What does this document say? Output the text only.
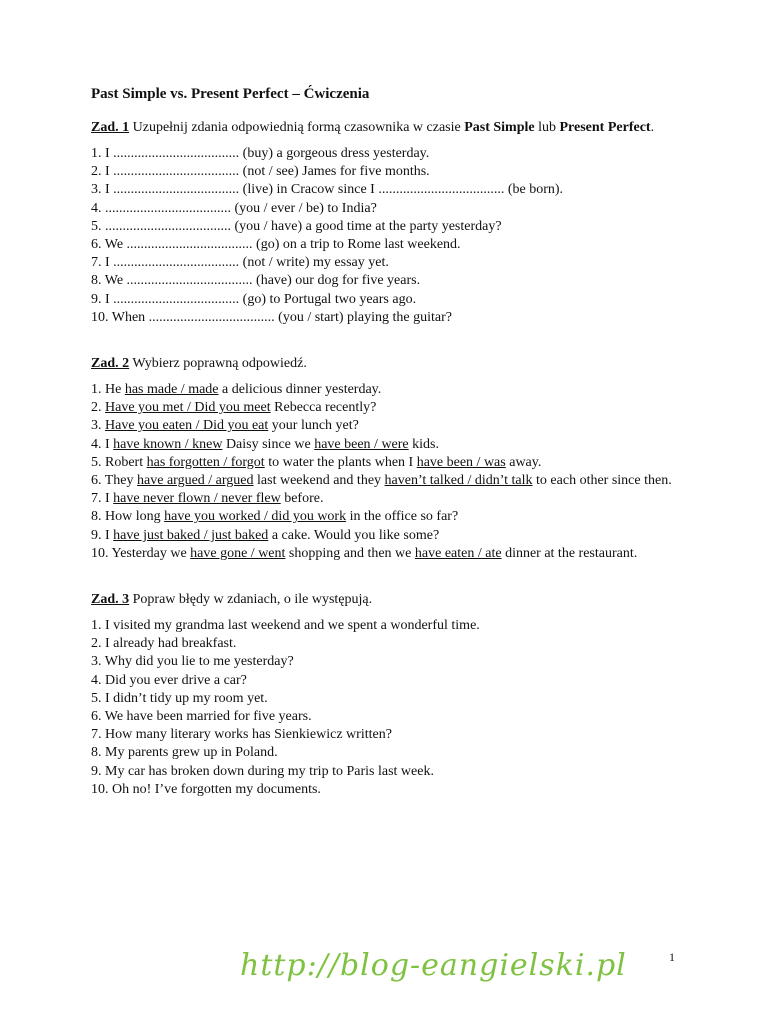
Past Simple vs. Present Perfect – Ćwiczenia

Zad. 1 Uzupełnij zdania odpowiednią formą czasownika w czasie Past Simple lub Present Perfect.

1. I .................................... (buy) a gorgeous dress yesterday.

2. I .................................... (not / see) James for five months.

3. I .................................... (live) in Cracow since I .................................... (be born).

4. .................................... (you / ever / be) to India?

5. .................................... (you / have) a good time at the party yesterday?

6. We .................................... (go) on a trip to Rome last weekend.

7. I .................................... (not / write) my essay yet.

8. We .................................... (have) our dog for five years.

9. I .................................... (go) to Portugal two years ago.

10. When .................................... (you / start) playing the guitar?

Zad. 2 Wybierz poprawną odpowiedź.

1. He has made / made a delicious dinner yesterday.

2. Have you met / Did you meet Rebecca recently?

3. Have you eaten / Did you eat your lunch yet?

4. I have known / knew Daisy since we have been / were kids.

5. Robert has forgotten / forgot to water the plants when I have been / was away.

6. They have argued / argued last weekend and they haven’t talked / didn’t talk to each other since then.

7. I have never flown / never flew before.

8. How long have you worked / did you work in the office so far?

9. I have just baked / just baked a cake. Would you like some?

10. Yesterday we have gone / went shopping and then we have eaten / ate dinner at the restaurant.

Zad. 3 Popraw błędy w zdaniach, o ile występują.

1. I visited my grandma last weekend and we spent a wonderful time.

2. I already had breakfast.

3. Why did you lie to me yesterday?

4. Did you ever drive a car?

5. I didn’t tidy up my room yet.

6. We have been married for five years.

7. How many literary works has Sienkiewicz written?

8. My parents grew up in Poland.

9. My car has broken down during my trip to Paris last week.

10. Oh no! I’ve forgotten my documents.

1
http://blog-eangielski.pl
